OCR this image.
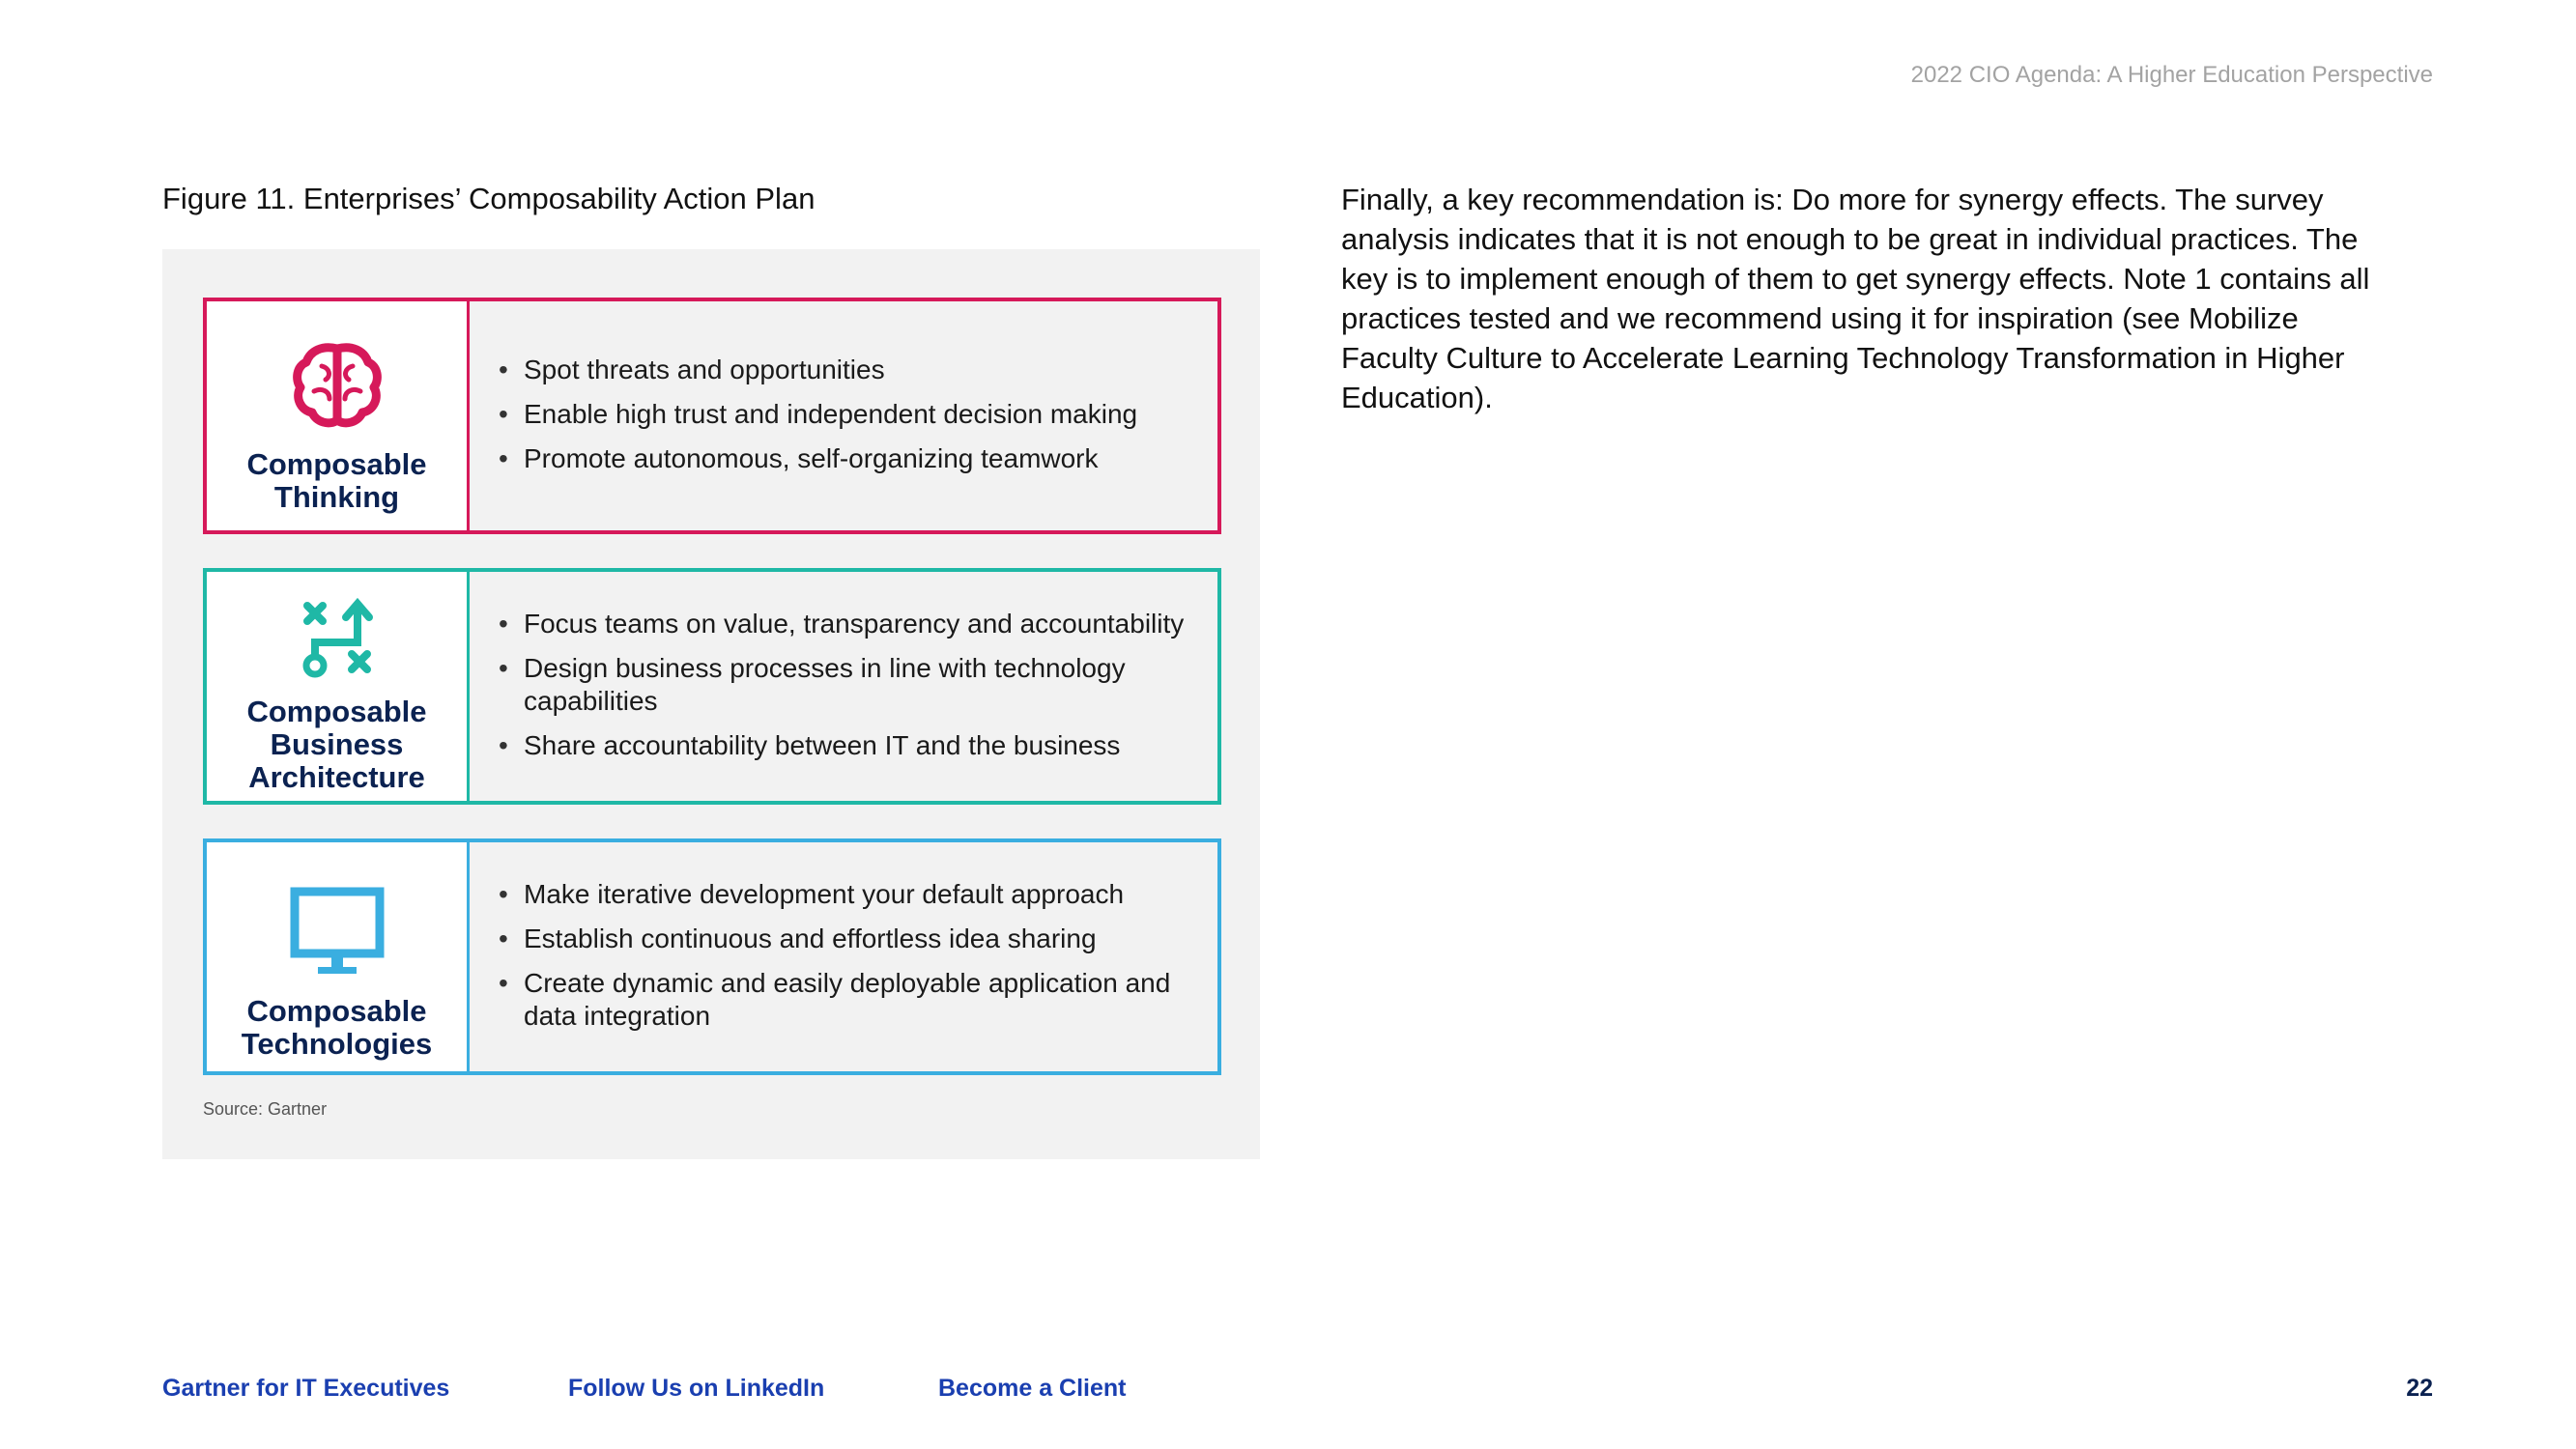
2022 CIO Agenda: A Higher Education Perspective
Figure 11. Enterprises’ Composability Action Plan
Composable
Thinking
• Spot threats and opportunities
• Enable high trust and independent decision making
• Promote autonomous, self-organizing teamwork
Composable
Business
Architecture
• Focus teams on value, transparency and accountability
• Design business processes in line with technology capabilities
• Share accountability between IT and the business
Composable
Technologies
• Make iterative development your default approach
• Establish continuous and effortless idea sharing
• Create dynamic and easily deployable application and data integration
Source: Gartner
Finally, a key recommendation is: Do more for synergy effects. The survey analysis indicates that it is not enough to be great in individual practices. The key is to implement enough of them to get synergy effects. Note 1 contains all practices tested and we recommend using it for inspiration (see Mobilize Faculty Culture to Accelerate Learning Technology Transformation in Higher Education).
Gartner for IT Executives	Follow Us on LinkedIn	Become a Client	22
